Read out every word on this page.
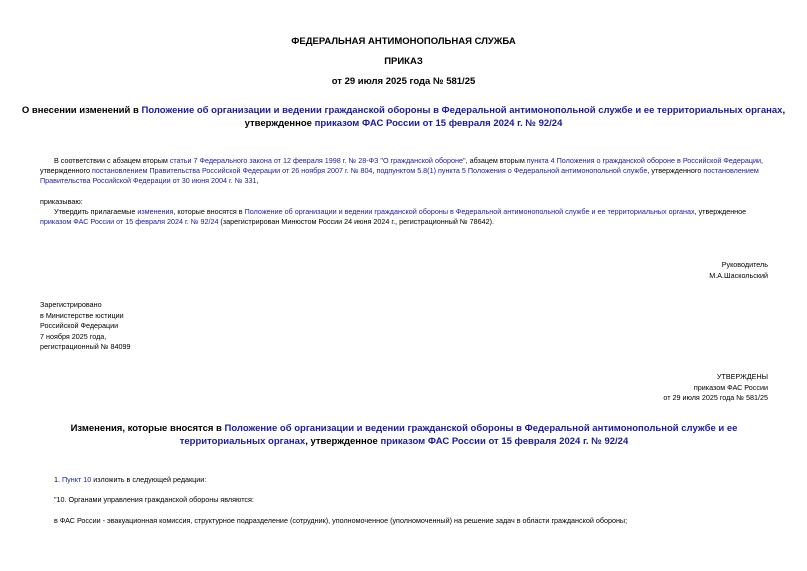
ФЕДЕРАЛЬНАЯ АНТИМОНОПОЛЬНАЯ СЛУЖБА
ПРИКАЗ
от 29 июля 2025 года № 581/25
О внесении изменений в Положение об организации и ведении гражданской обороны в Федеральной антимонопольной службе и ее территориальных органах, утвержденное приказом ФАС России от 15 февраля 2024 г. № 92/24
В соответствии с абзацем вторым статьи 7 Федерального закона от 12 февраля 1998 г. № 28-ФЗ "О гражданской обороне", абзацем вторым пункта 4 Положения о гражданской обороне в Российской Федерации, утвержденного постановлением Правительства Российской Федерации от 26 ноября 2007 г. № 804, подпунктом 5.8(1) пункта 5 Положения о Федеральной антимонопольной службе, утвержденного постановлением Правительства Российской Федерации от 30 июня 2004 г. № 331,
приказываю:
Утвердить прилагаемые изменения, которые вносятся в Положение об организации и ведении гражданской обороны в Федеральной антимонопольной службе и ее территориальных органах, утвержденное приказом ФАС России от 15 февраля 2024 г. № 92/24 (зарегистрирован Минюстом России 24 июня 2024 г., регистрационный № 78642).
Руководитель
М.А.Шаскольский
Зарегистрировано
в Министерстве юстиции
Российской Федерации
7 ноября 2025 года,
регистрационный № 84099
УТВЕРЖДЕНЫ
приказом ФАС России
от 29 июля 2025 года № 581/25
Изменения, которые вносятся в Положение об организации и ведении гражданской обороны в Федеральной антимонопольной службе и ее территориальных органах, утвержденное приказом ФАС России от 15 февраля 2024 г. № 92/24
1. Пункт 10 изложить в следующей редакции:
"10. Органами управления гражданской обороны являются:
в ФАС России - эвакуационная комиссия, структурное подразделение (сотрудник), уполномоченное (уполномоченный) на решение задач в области гражданской обороны;
